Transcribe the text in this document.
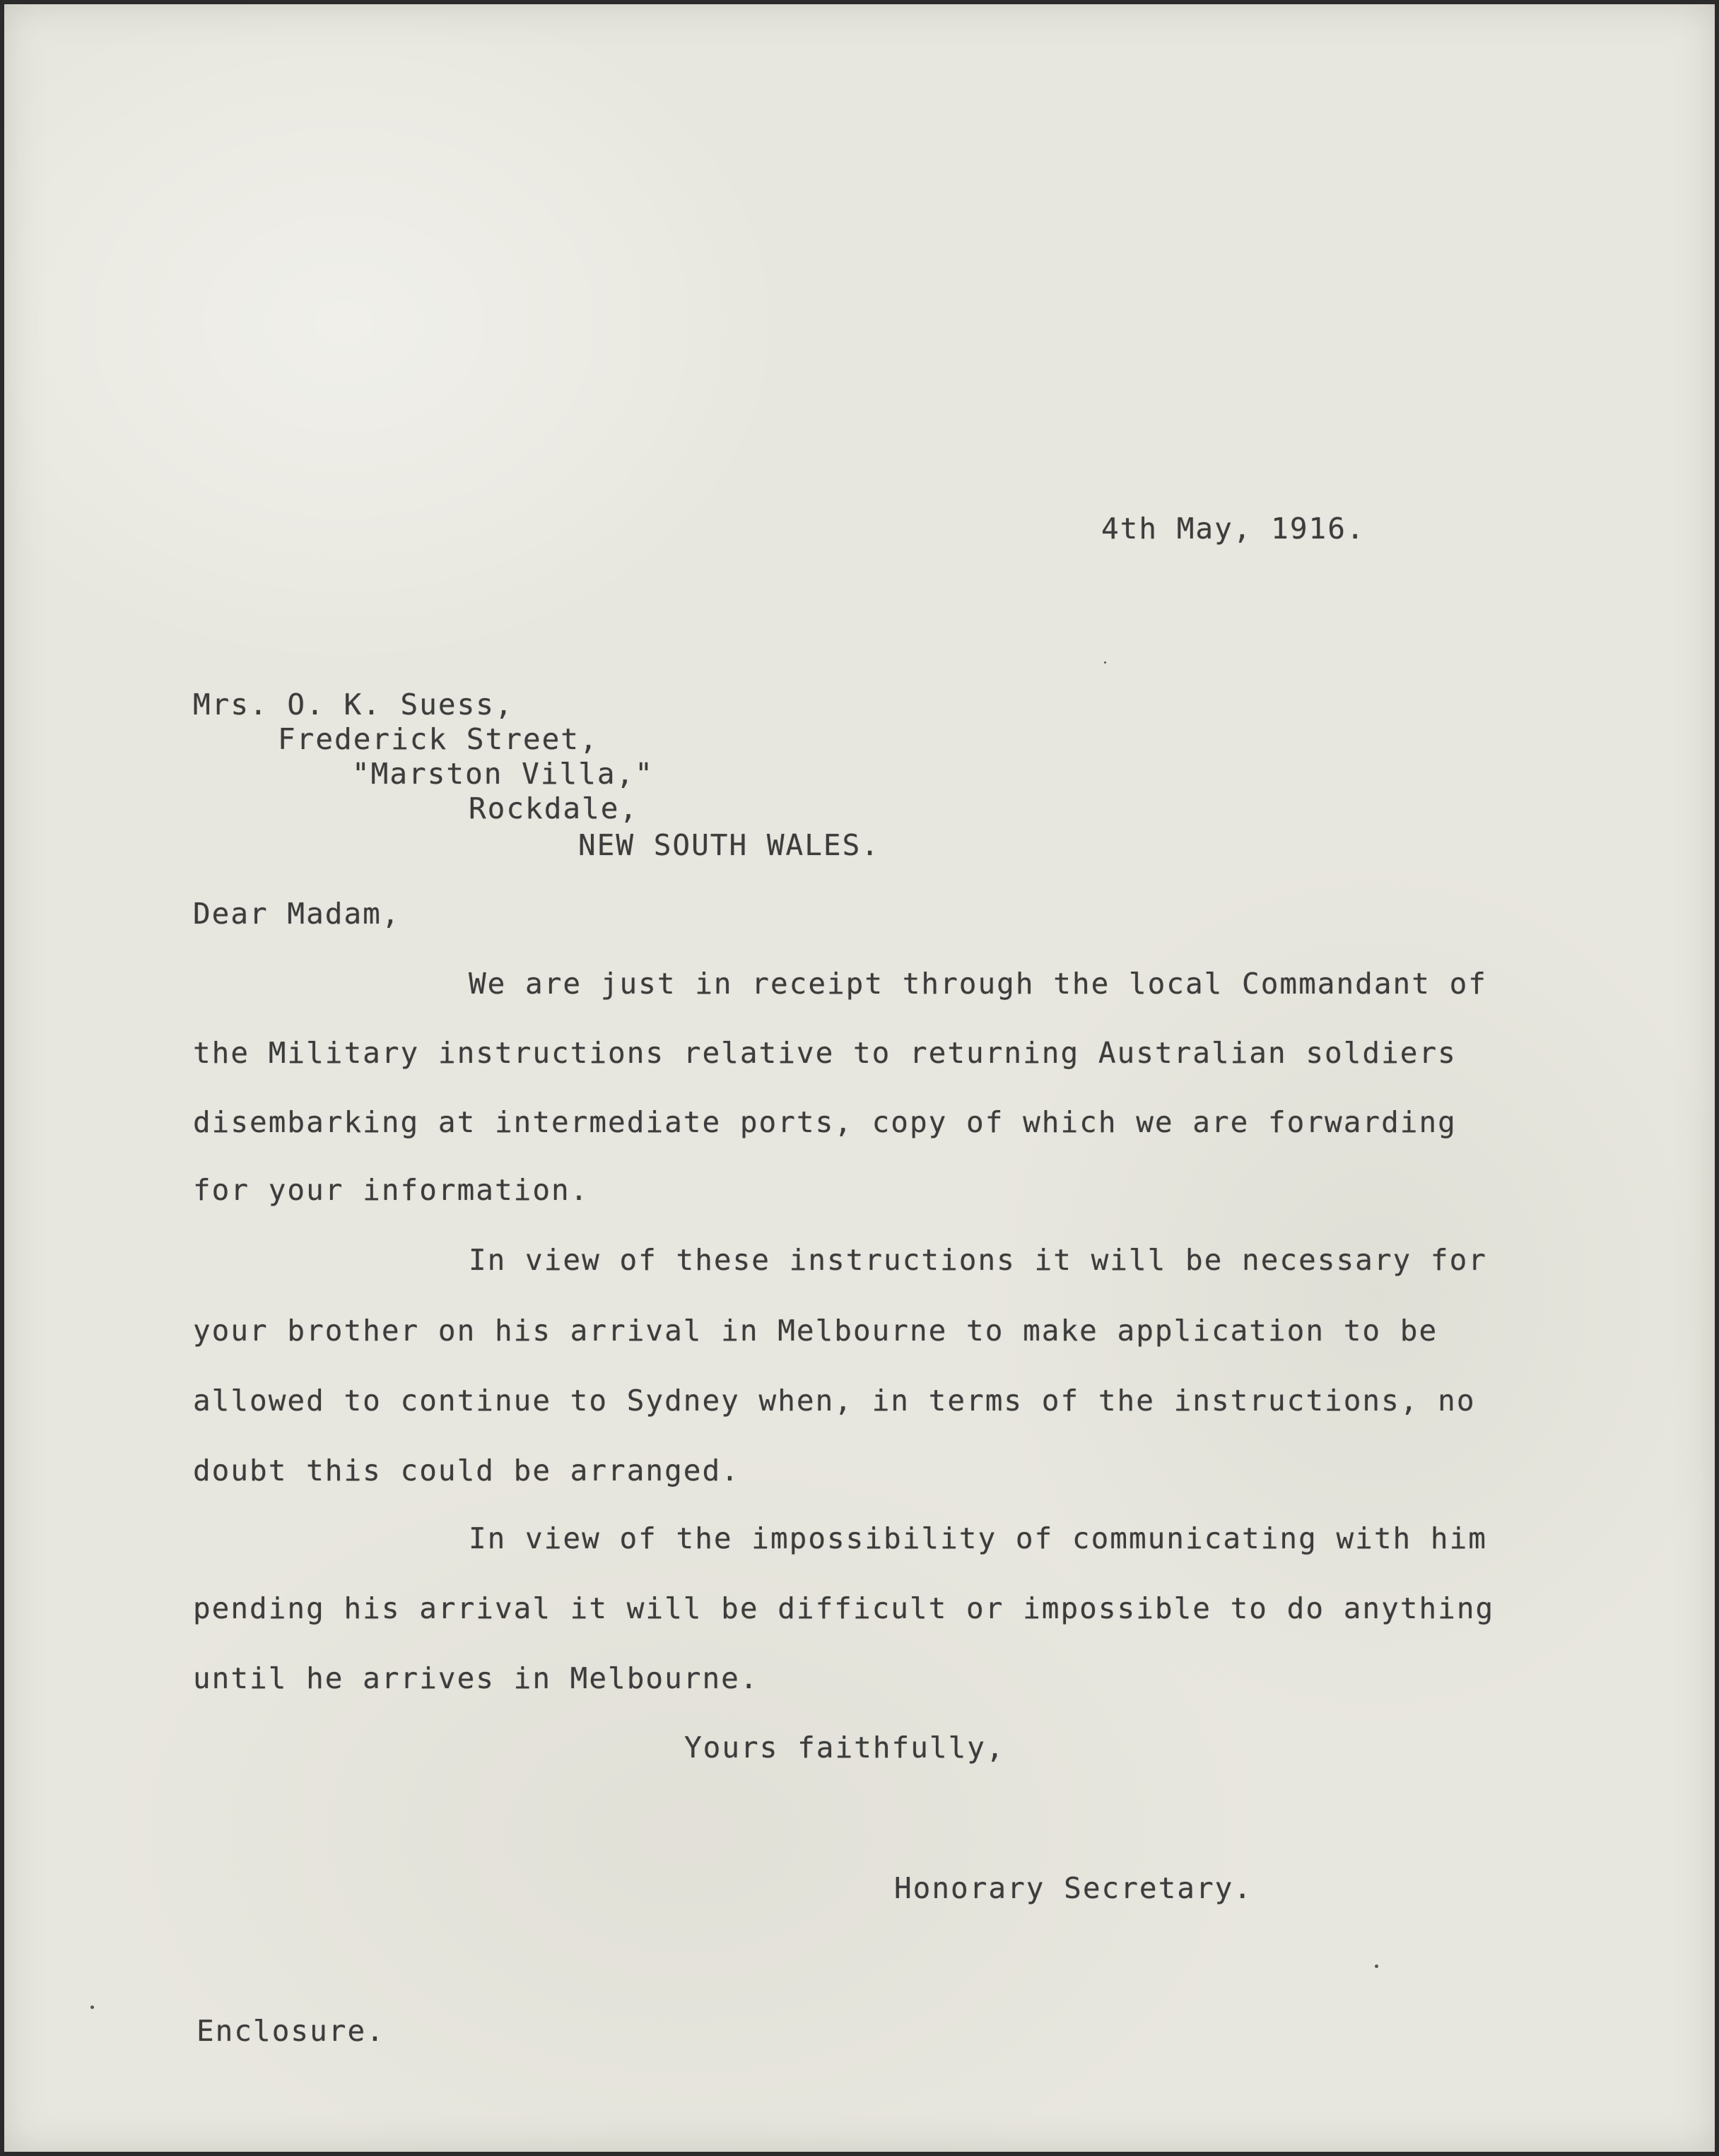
4th May, 1916.
Mrs. O. K. Suess,
Frederick Street,
"Marston Villa,"
Rockdale,
NEW SOUTH WALES.
Dear Madam,
We are just in receipt through the local Commandant of
the Military instructions relative to returning Australian soldiers
disembarking at intermediate ports, copy of which we are forwarding
for your information.
In view of these instructions it will be necessary for
your brother on his arrival in Melbourne to make application to be
allowed to continue to Sydney when, in terms of the instructions, no
doubt this could be arranged.
In view of the impossibility of communicating with him
pending his arrival it will be difficult or impossible to do anything
until he arrives in Melbourne.
Yours faithfully,
Honorary Secretary.
Enclosure.
